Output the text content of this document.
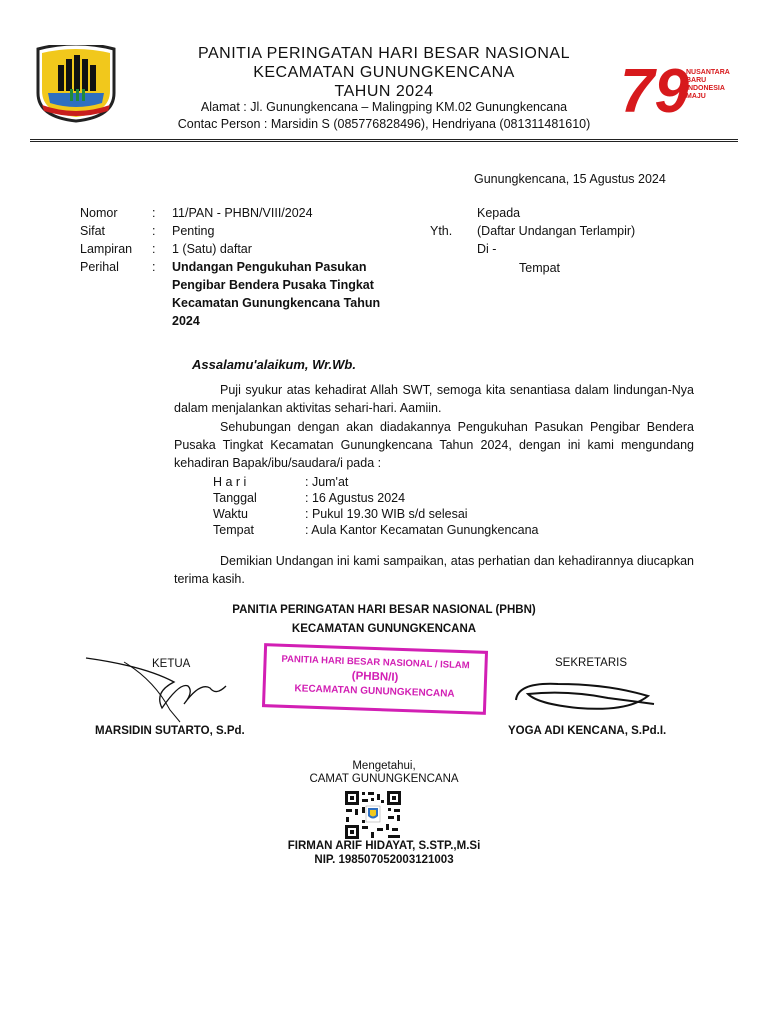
PANITIA PERINGATAN HARI BESAR NASIONAL
KECAMATAN GUNUNGKENCANA
TAHUN 2024
Alamat : Jl. Gunungkencana – Malingping KM.02 Gunungkencana
Contac Person : Marsidin S (085776828496), Hendriyana (081311481610) 79
NUSANTARA
BARU
INDONESIA
MAJU
Gunungkencana, 15 Agustus 2024
Nomor	: 11/PAN - PHBN/VIII/2024
Sifat	: Penting
Lampiran : 1 (Satu) daftar
Perihal	: Undangan Pengukuhan Pasukan Pengibar Bendera Pusaka Tingkat Kecamatan Gunungkencana Tahun 2024
Kepada
Yth. (Daftar Undangan Terlampir)
Di -
Tempat
Assalamu'alaikum, Wr.Wb.
Puji syukur atas kehadirat Allah SWT, semoga kita senantiasa dalam lindungan-Nya dalam menjalankan aktivitas sehari-hari. Aamiin.
Sehubungan dengan akan diadakannya Pengukuhan Pasukan Pengibar Bendera Pusaka Tingkat Kecamatan Gunungkencana Tahun 2024, dengan ini kami mengundang kehadiran Bapak/ibu/saudara/i pada :
H a r i	: Jum'at
Tanggal	: 16 Agustus 2024
Waktu	: Pukul 19.30 WIB s/d selesai
Tempat	: Aula Kantor Kecamatan Gunungkencana
Demikian Undangan ini kami sampaikan, atas perhatian dan kehadirannya diucapkan terima kasih.
PANITIA PERINGATAN HARI BESAR NASIONAL (PHBN)
KECAMATAN GUNUNGKENCANA
KETUA	SEKRETARIS
PANITIA HARI BESAR NASIONAL / ISLAM
(PHBN/I)
KECAMATAN GUNUNGKENCANA
MARSIDIN SUTARTO, S.Pd.	YOGA ADI KENCANA, S.Pd.I.
Mengetahui,
CAMAT GUNUNGKENCANA
FIRMAN ARIF HIDAYAT, S.STP.,M.Si
NIP. 198507052003121003
